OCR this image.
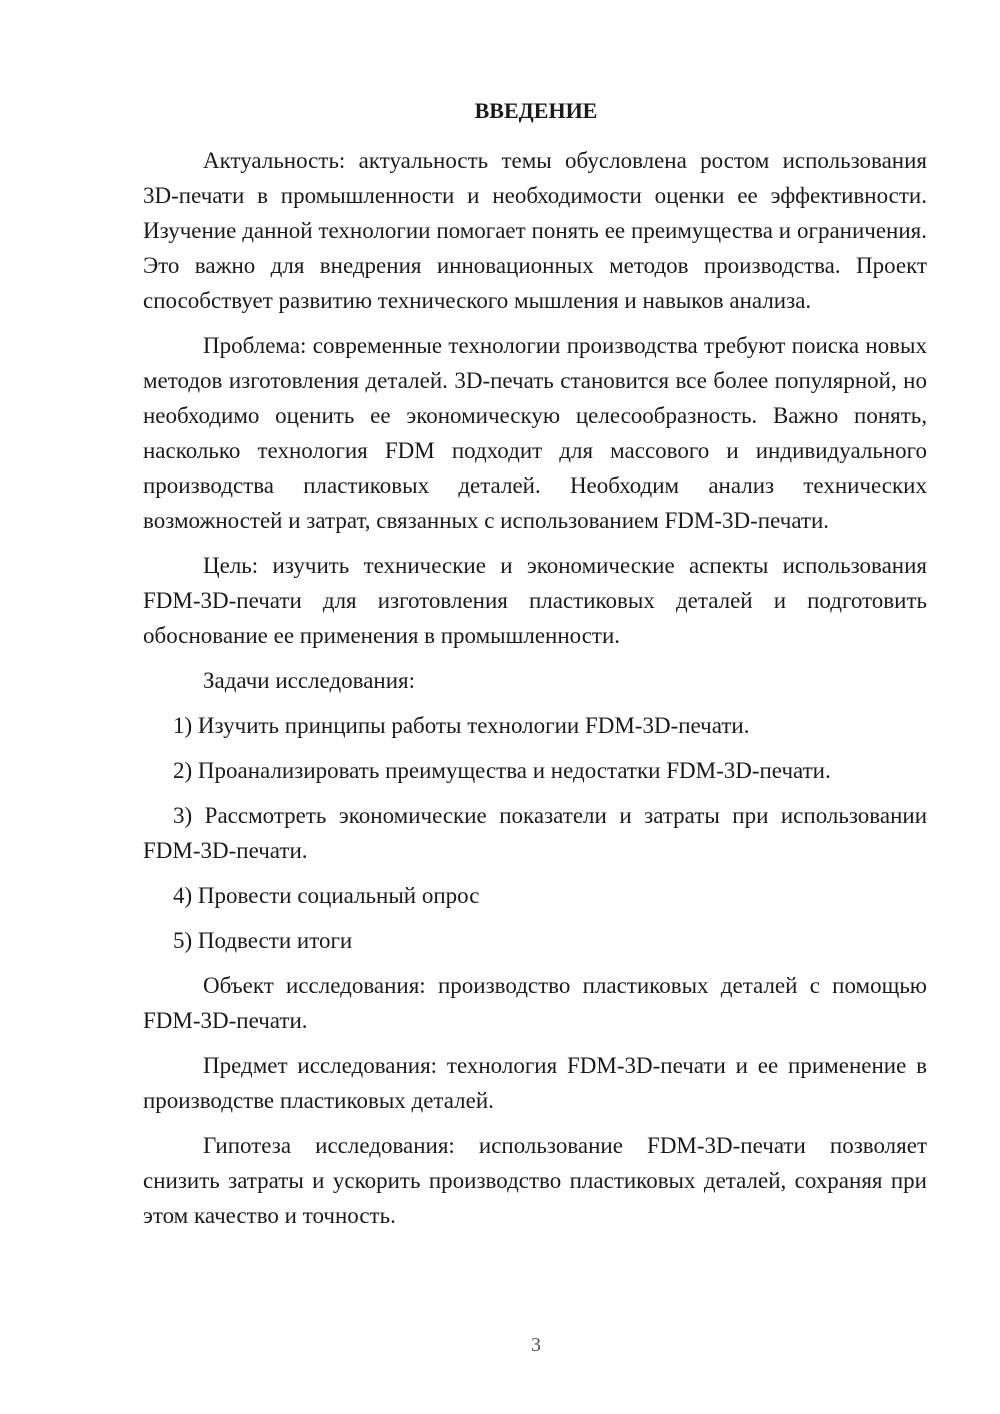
ВВЕДЕНИЕ

Актуальность: актуальность темы обусловлена ростом использования 3D-печати в промышленности и необходимости оценки ее эффективности. Изучение данной технологии помогает понять ее преимущества и ограничения. Это важно для внедрения инновационных методов производства. Проект способствует развитию технического мышления и навыков анализа.

Проблема: современные технологии производства требуют поиска новых методов изготовления деталей. 3D-печать становится все более популярной, но необходимо оценить ее экономическую целесообразность. Важно понять, насколько технология FDM подходит для массового и индивидуального производства пластиковых деталей. Необходим анализ технических возможностей и затрат, связанных с использованием FDM-3D-печати.

Цель: изучить технические и экономические аспекты использования FDM-3D-печати для изготовления пластиковых деталей и подготовить обоснование ее применения в промышленности.

Задачи исследования:

1) Изучить принципы работы технологии FDM-3D-печати.

2) Проанализировать преимущества и недостатки FDM-3D-печати.

3) Рассмотреть экономические показатели и затраты при использовании FDM-3D-печати.

4) Провести социальный опрос

5) Подвести итоги

Объект исследования: производство пластиковых деталей с помощью FDM-3D-печати.

Предмет исследования: технология FDM-3D-печати и ее применение в производстве пластиковых деталей.

Гипотеза исследования: использование FDM-3D-печати позволяет снизить затраты и ускорить производство пластиковых деталей, сохраняя при этом качество и точность.

3
